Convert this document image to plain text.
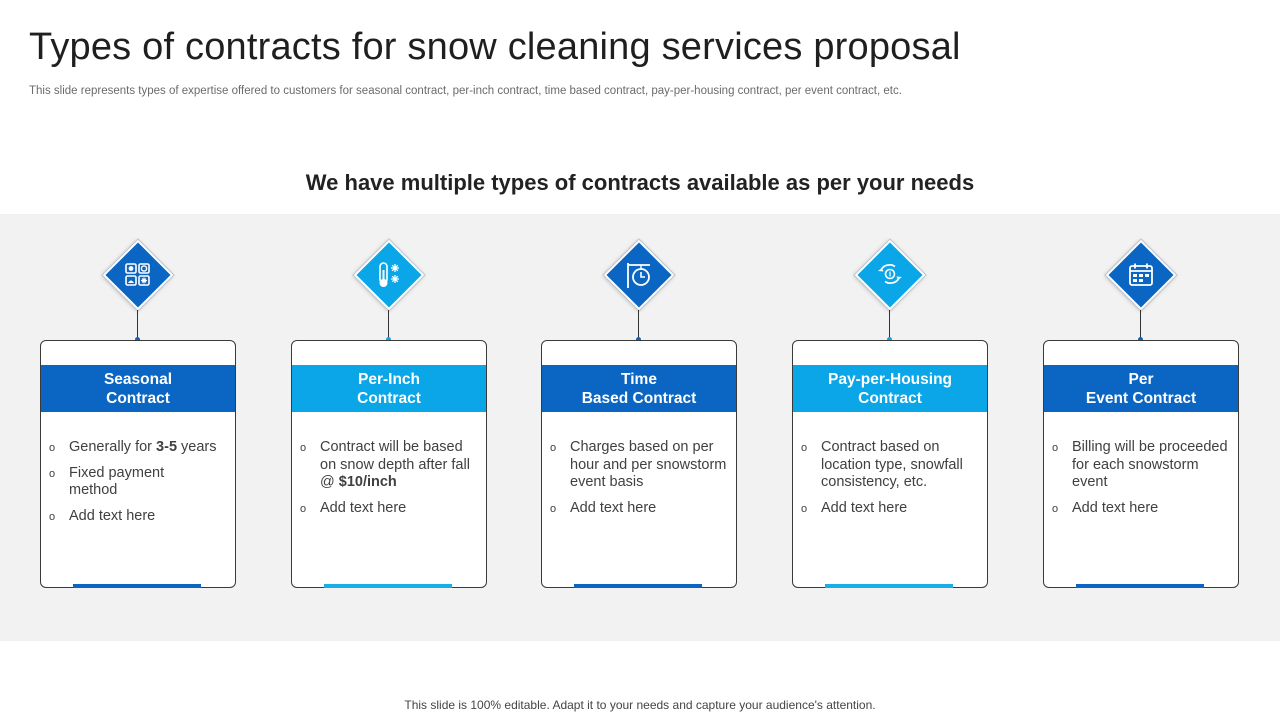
Types of contracts for snow cleaning services proposal
This slide represents types of expertise offered to customers for seasonal contract, per-inch contract, time based contract, pay-per-housing contract, per event contract, etc.
We have multiple types of contracts available as per your needs
Seasonal
Contract
o Generally for 3-5 years
o Fixed payment method
o Add text here
Per-Inch
Contract
o Contract will be based on snow depth after fall @ $10/inch
o Add text here
Time
Based Contract
o Charges based on per hour and per snowstorm event basis
o Add text here
Pay-per-Housing
Contract
o Contract based on location type, snowfall consistency, etc.
o Add text here
Per
Event Contract
o Billing will be proceeded for each snowstorm event
o Add text here
This slide is 100% editable. Adapt it to your needs and capture your audience's attention.
